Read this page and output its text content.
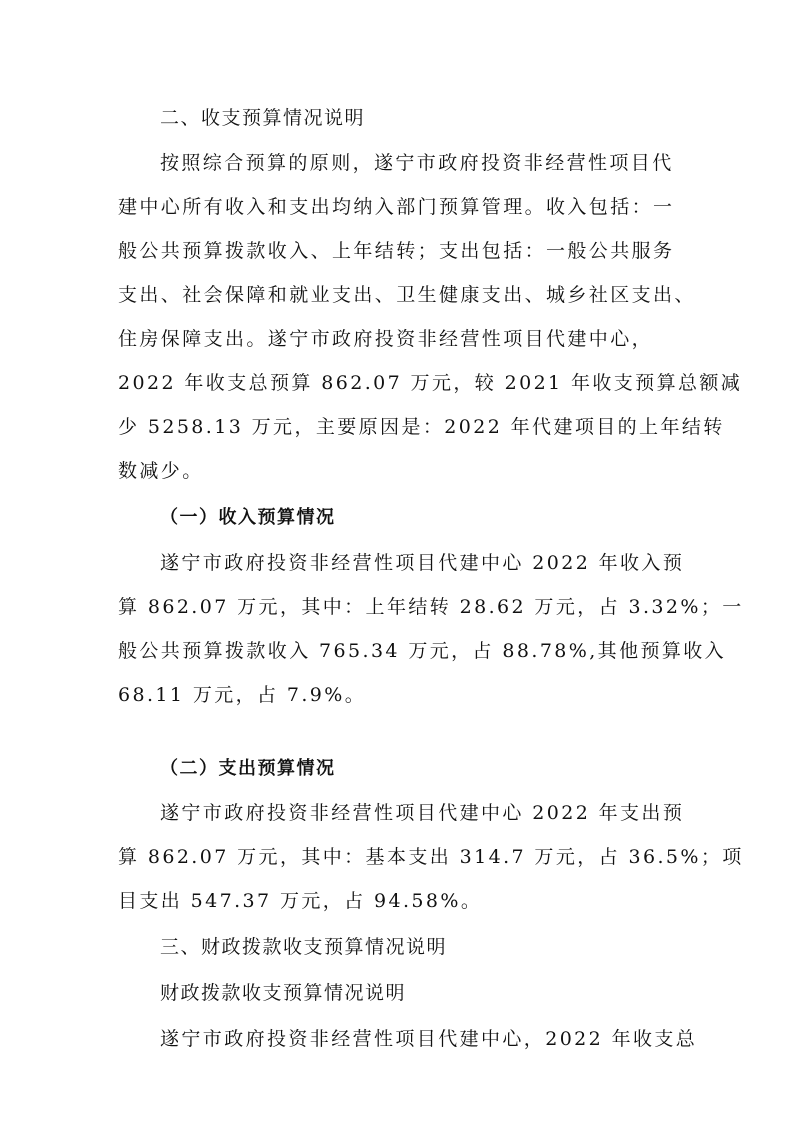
二、收支预算情况说明
按照综合预算的原则，遂宁市政府投资非经营性项目代
建中心所有收入和支出均纳入部门预算管理。收入包括：一
般公共预算拨款收入、上年结转；支出包括：一般公共服务
支出、社会保障和就业支出、卫生健康支出、城乡社区支出、
住房保障支出。遂宁市政府投资非经营性项目代建中心，
2022 年收支总预算 862.07 万元，较 2021 年收支预算总额减
少 5258.13 万元，主要原因是：2022 年代建项目的上年结转
数减少。
（一）收入预算情况
遂宁市政府投资非经营性项目代建中心 2022 年收入预
算 862.07 万元，其中：上年结转 28.62 万元，占 3.32%；一
般公共预算拨款收入 765.34 万元，占 88.78%,其他预算收入
68.11 万元，占 7.9%。
（二）支出预算情况
遂宁市政府投资非经营性项目代建中心 2022 年支出预
算 862.07 万元，其中：基本支出 314.7 万元，占 36.5%；项
目支出 547.37 万元，占 94.58%。
三、财政拨款收支预算情况说明
财政拨款收支预算情况说明
遂宁市政府投资非经营性项目代建中心，2022 年收支总
